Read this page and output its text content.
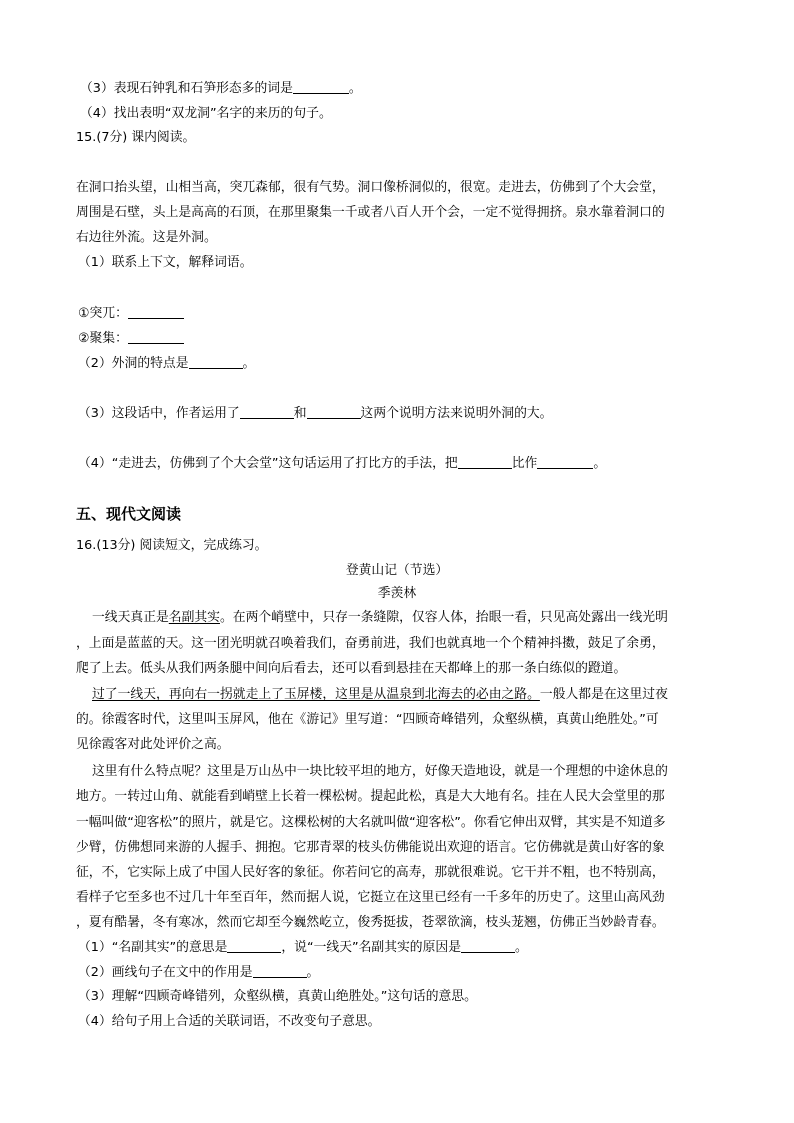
（3）表现石钟乳和石笋形态多的词是	。
（4）找出表明“双龙洞”名字的来历的句子。
15.(7分) 课内阅读。
在洞口抬头望，山相当高，突兀森郁，很有气势。洞口像桥洞似的，很宽。走进去，仿佛到了个大会堂，
周围是石壁，头上是高高的石顶，在那里聚集一千或者八百人开个会，一定不觉得拥挤。泉水靠着洞口的
右边往外流。这是外洞。
（1）联系上下文，解释词语。
①突兀：
②聚集：
（2）外洞的特点是	。
（3）这段话中，作者运用了	和	这两个说明方法来说明外洞的大。
（4）“走进去，仿佛到了个大会堂”这句话运用了打比方的手法，把	比作	。
五、现代文阅读
16.(13分) 阅读短文，完成练习。
登黄山记（节选）
季羡林
一线天真正是名副其实。在两个峭壁中，只存一条缝隙，仅容人体，抬眼一看，只见高处露出一线光明
，上面是蓝蓝的天。这一团光明就召唤着我们，奋勇前进，我们也就真地一个个精神抖擞，鼓足了余勇，
爬了上去。低头从我们两条腿中间向后看去，还可以看到悬挂在天都峰上的那一条白练似的蹬道。
过了一线天，再向右一拐就走上了玉屏楼，这里是从温泉到北海去的必由之路。一般人都是在这里过夜
的。徐霞客时代，这里叫玉屏风，他在《游记》里写道：“四顾奇峰错列，众壑纵横，真黄山绝胜处。”可
见徐霞客对此处评价之高。
这里有什么特点呢？这里是万山丛中一块比较平坦的地方，好像天造地设，就是一个理想的中途休息的
地方。一转过山角、就能看到峭壁上长着一棵松树。提起此松，真是大大地有名。挂在人民大会堂里的那
一幅叫做“迎客松”的照片，就是它。这棵松树的大名就叫做“迎客松”。你看它伸出双臂，其实是不知道多
少臂，仿佛想同来游的人握手、拥抱。它那青翠的枝头仿佛能说出欢迎的语言。它仿佛就是黄山好客的象
征，不，它实际上成了中国人民好客的象征。你若问它的高寿，那就很难说。它干并不粗，也不特别高，
看样子它至多也不过几十年至百年，然而据人说，它挺立在这里已经有一千多年的历史了。这里山高风劲
，夏有酷暑，冬有寒冰，然而它却至今巍然屹立，俊秀挺拔，苍翠欲滴，枝头茏翘，仿佛正当妙龄青春。
（1）“名副其实”的意思是	，说“一线天”名副其实的原因是	。
（2）画线句子在文中的作用是	。
（3）理解“四顾奇峰错列，众壑纵横，真黄山绝胜处。”这句话的意思。
（4）给句子用上合适的关联词语，不改变句子意思。
